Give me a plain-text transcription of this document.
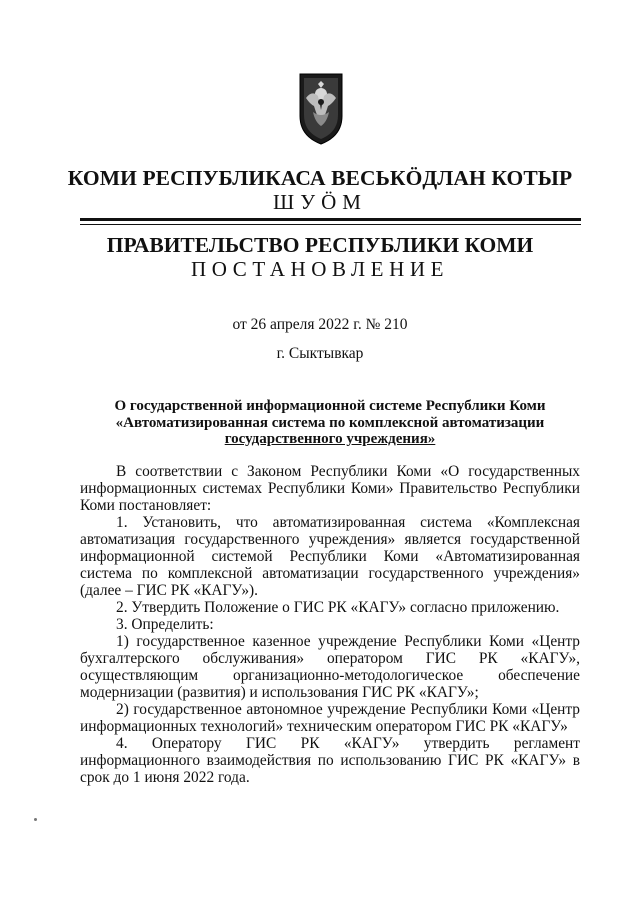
КОМИ РЕСПУБЛИКАСА ВЕСЬКӦДЛАН КОТЫР
ШУӦМ
ПРАВИТЕЛЬСТВО РЕСПУБЛИКИ КОМИ
ПОСТАНОВЛЕНИЕ
от 26 апреля 2022 г. № 210
г. Сыктывкар
О государственной информационной системе Республики Коми
«Автоматизированная система по комплексной автоматизации
государственного учреждения»

В соответствии с Законом Республики Коми «О государственных информационных системах Республики Коми» Правительство Республики Коми постановляет:

1. Установить, что автоматизированная система «Комплексная автоматизация государственного учреждения» является государственной информационной системой Республики Коми «Автоматизированная система по комплексной автоматизации государственного учреждения» (далее – ГИС РК «КАГУ»).

2. Утвердить Положение о ГИС РК «КАГУ» согласно приложению.

3. Определить:

1) государственное казенное учреждение Республики Коми «Центр бухгалтерского обслуживания» оператором ГИС РК «КАГУ», осуществляющим организационно-методологическое обеспечение модернизации (развития) и использования ГИС РК «КАГУ»;

2) государственное автономное учреждение Республики Коми «Центр информационных технологий» техническим оператором ГИС РК «КАГУ»

4. Оператору ГИС РК «КАГУ» утвердить регламент информационного взаимодействия по использованию ГИС РК «КАГУ» в срок до 1 июня 2022 года.
